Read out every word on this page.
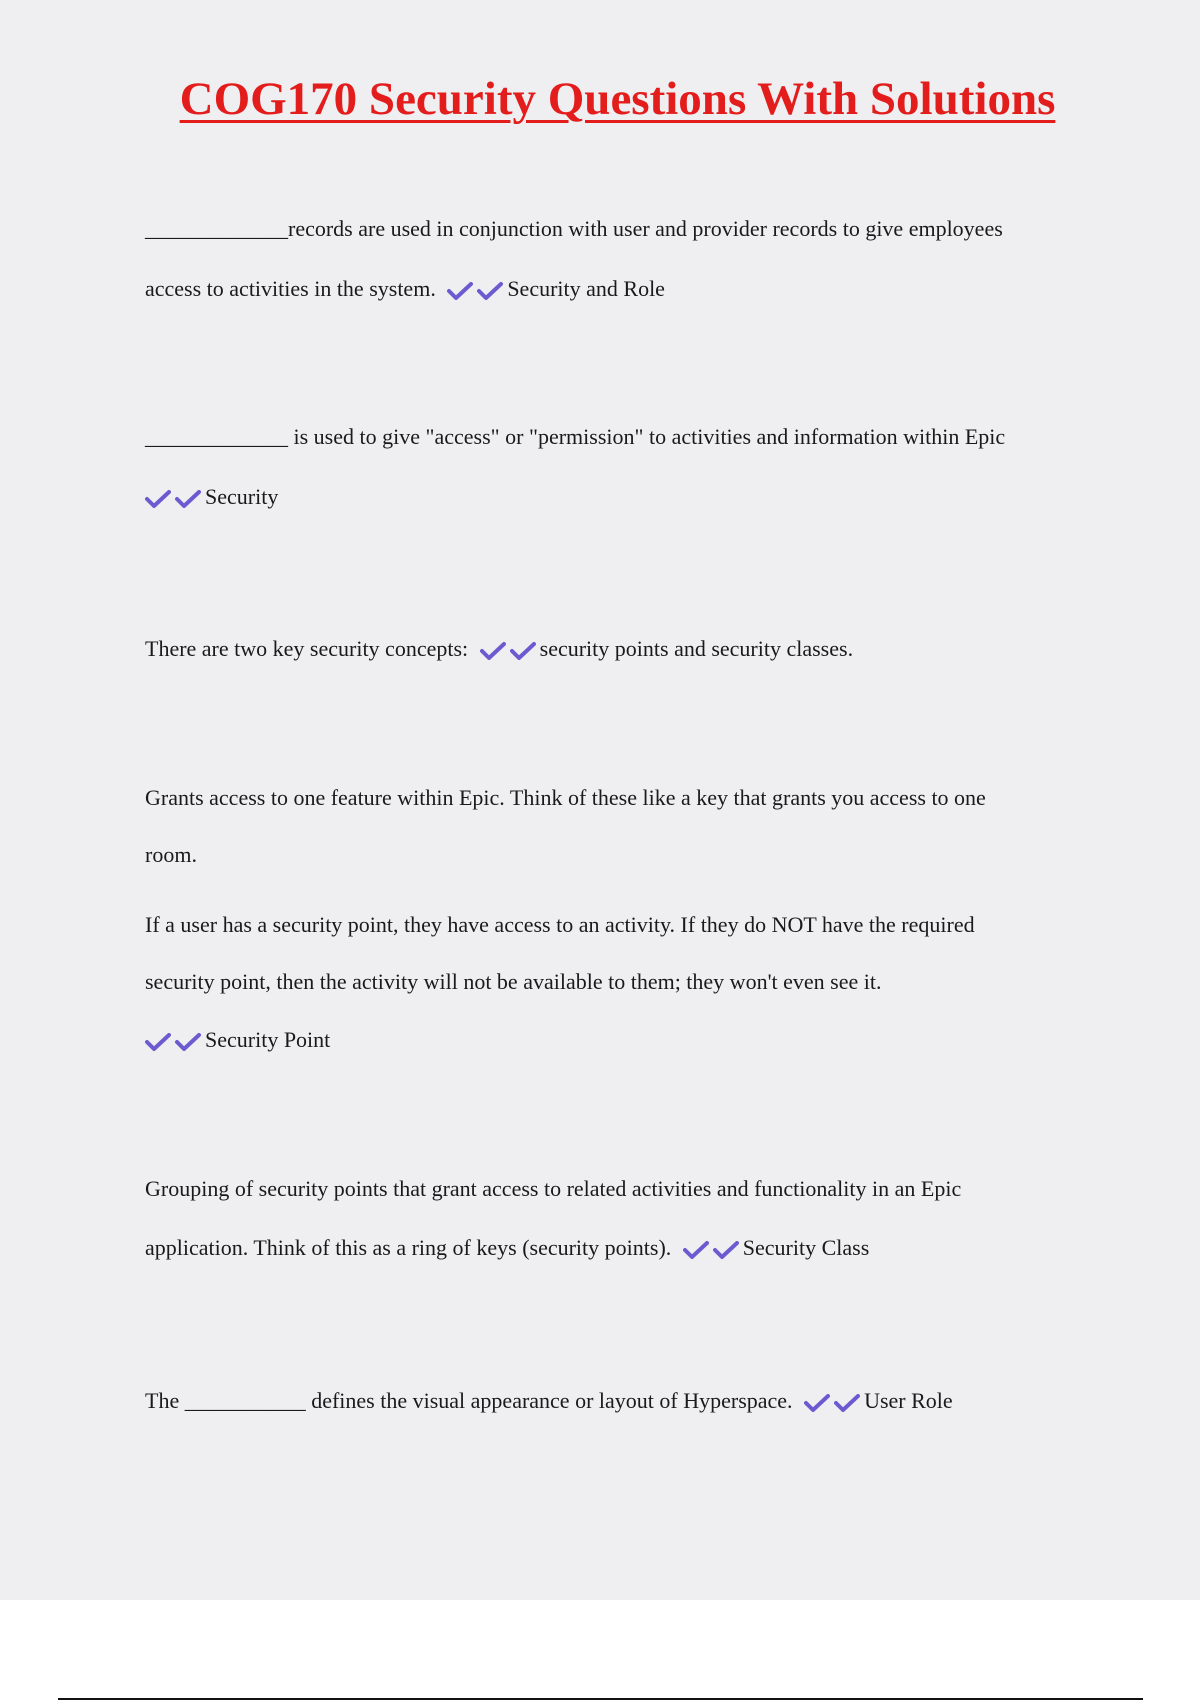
COG170 Security Questions With Solutions
_____________records are used in conjunction with user and provider records to give employees
access to activities in the system.	Security and Role
_____________ is used to give "access" or "permission" to activities and information within Epic
Security
There are two key security concepts:	security points and security classes.
Grants access to one feature within Epic. Think of these like a key that grants you access to one
room.
If a user has a security point, they have access to an activity. If they do NOT have the required
security point, then the activity will not be available to them; they won't even see it.
Security Point
Grouping of security points that grant access to related activities and functionality in an Epic
application. Think of this as a ring of keys (security points).	Security Class
The ___________ defines the visual appearance or layout of Hyperspace.	User Role
